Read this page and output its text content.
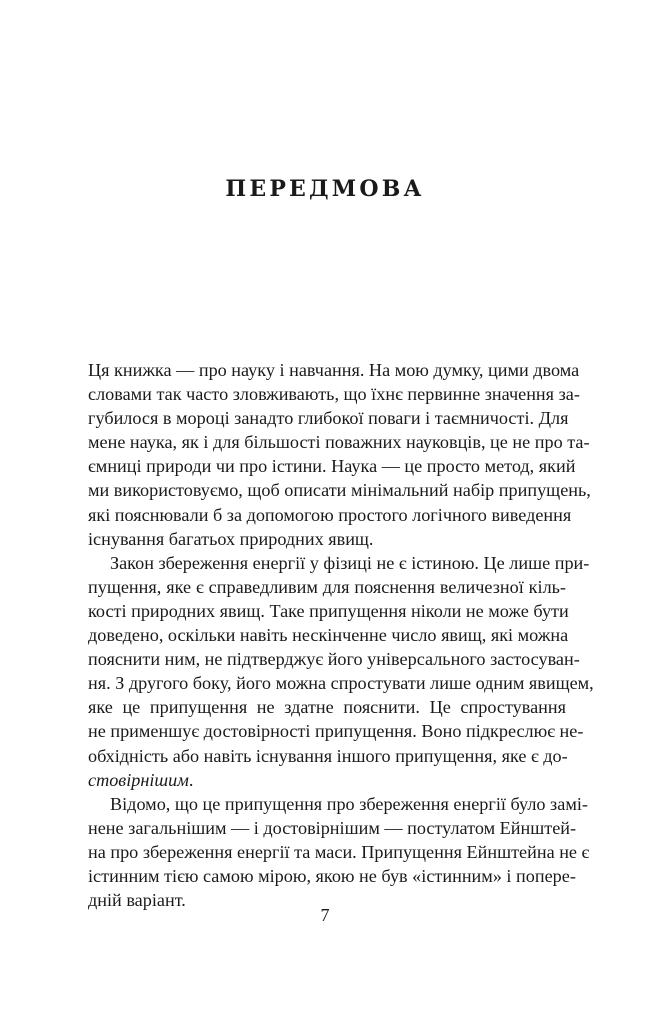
ПЕРЕДМОВА
Ця книжка — про науку і навчання. На мою думку, цими двома
словами так часто зловживають, що їхнє первинне значення за-
губилося в мороці занадто глибокої поваги і таємничості. Для
мене наука, як і для більшості поважних науковців, це не про та-
ємниці природи чи про істини. Наука — це просто метод, який
ми використовуємо, щоб описати мінімальний набір припущень,
які пояснювали б за допомогою простого логічного виведення
існування багатьох природних явищ.
Закон збереження енергії у фізиці не є істиною. Це лише при-
пущення, яке є справедливим для пояснення величезної кіль-
кості природних явищ. Таке припущення ніколи не може бути
доведено, оскільки навіть нескінченне число явищ, які можна
пояснити ним, не підтверджує його універсального застосуван-
ня. З другого боку, його можна спростувати лише одним явищем,
яке це припущення не здатне пояснити. Це спростування
не применшує достовірності припущення. Воно підкреслює не-
обхідність або навіть існування іншого припущення, яке є до-
стовірнішим.
Відомо, що це припущення про збереження енергії було замі-
нене загальнішим — і достовірнішим — постулатом Ейнштей-
на про збереження енергії та маси. Припущення Ейнштейна не є
істинним тією самою мірою, якою не був «істинним» і попере-
дній варіант.

7
